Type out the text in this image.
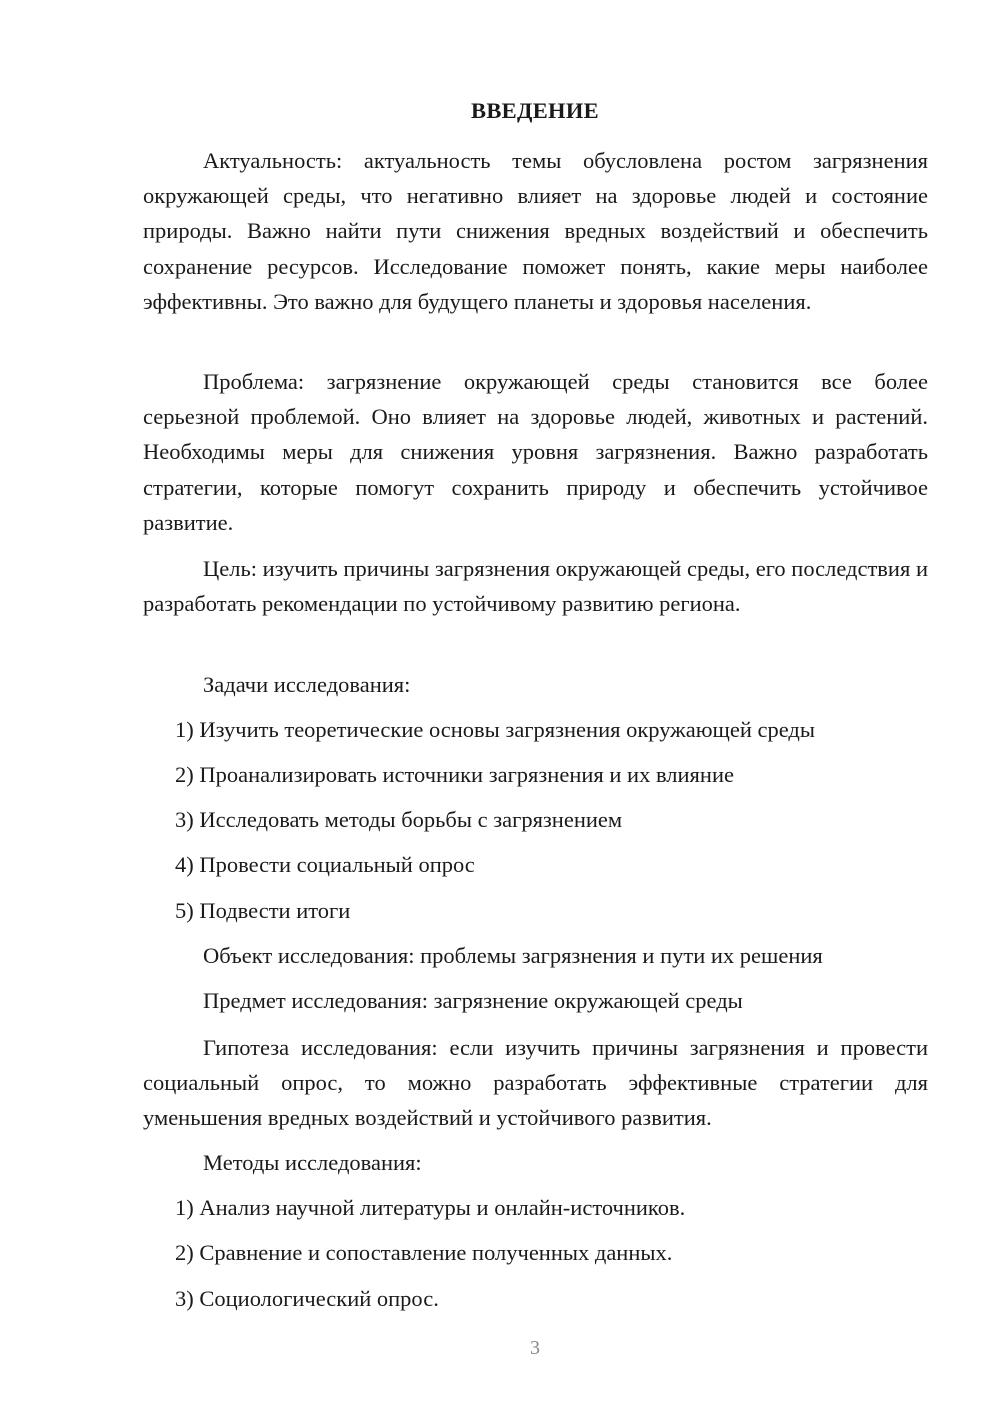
ВВЕДЕНИЕ

Актуальность: актуальность темы обусловлена ростом загрязнения окружающей среды, что негативно влияет на здоровье людей и состояние природы. Важно найти пути снижения вредных воздействий и обеспечить сохранение ресурсов. Исследование поможет понять, какие меры наиболее эффективны. Это важно для будущего планеты и здоровья населения.

Проблема: загрязнение окружающей среды становится все более серьезной проблемой. Оно влияет на здоровье людей, животных и растений. Необходимы меры для снижения уровня загрязнения. Важно разработать стратегии, которые помогут сохранить природу и обеспечить устойчивое развитие.

Цель: изучить причины загрязнения окружающей среды, его последствия и разработать рекомендации по устойчивому развитию региона.

Задачи исследования:
1) Изучить теоретические основы загрязнения окружающей среды
2) Проанализировать источники загрязнения и их влияние
3) Исследовать методы борьбы с загрязнением
4) Провести социальный опрос
5) Подвести итоги
Объект исследования: проблемы загрязнения и пути их решения
Предмет исследования: загрязнение окружающей среды

Гипотеза исследования: если изучить причины загрязнения и провести социальный опрос, то можно разработать эффективные стратегии для уменьшения вредных воздействий и устойчивого развития.

Методы исследования:
1) Анализ научной литературы и онлайн-источников.
2) Сравнение и сопоставление полученных данных.
3) Социологический опрос.
3
